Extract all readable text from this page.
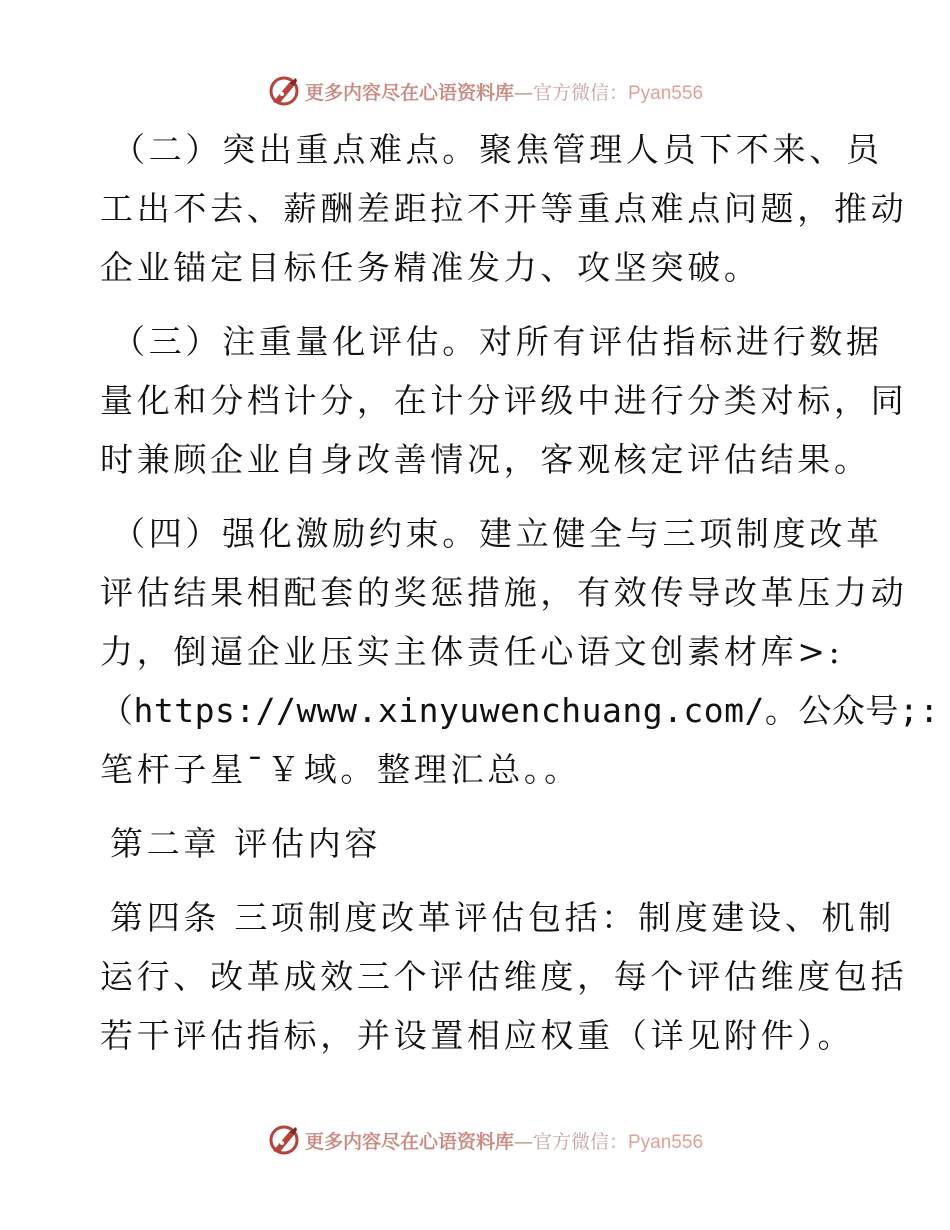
更多内容尽在心语资料库—官方微信：Pyan556
（二）突出重点难点。聚焦管理人员下不来、员
工出不去、薪酬差距拉不开等重点难点问题，推动
企业锚定目标任务精准发力、攻坚突破。
（三）注重量化评估。对所有评估指标进行数据
量化和分档计分，在计分评级中进行分类对标，同
时兼顾企业自身改善情况，客观核定评估结果。
（四）强化激励约束。建立健全与三项制度改革
评估结果相配套的奖惩措施，有效传导改革压力动
力，倒逼企业压实主体责任心语文创素材库>:
（https://www.xinyuwenchuang.com/。公众号;:
笔杆子星¯￥域。整理汇总。。
第二章 评估内容
第四条 三项制度改革评估包括：制度建设、机制
运行、改革成效三个评估维度，每个评估维度包括
若干评估指标，并设置相应权重（详见附件）。
更多内容尽在心语资料库—官方微信：Pyan556
